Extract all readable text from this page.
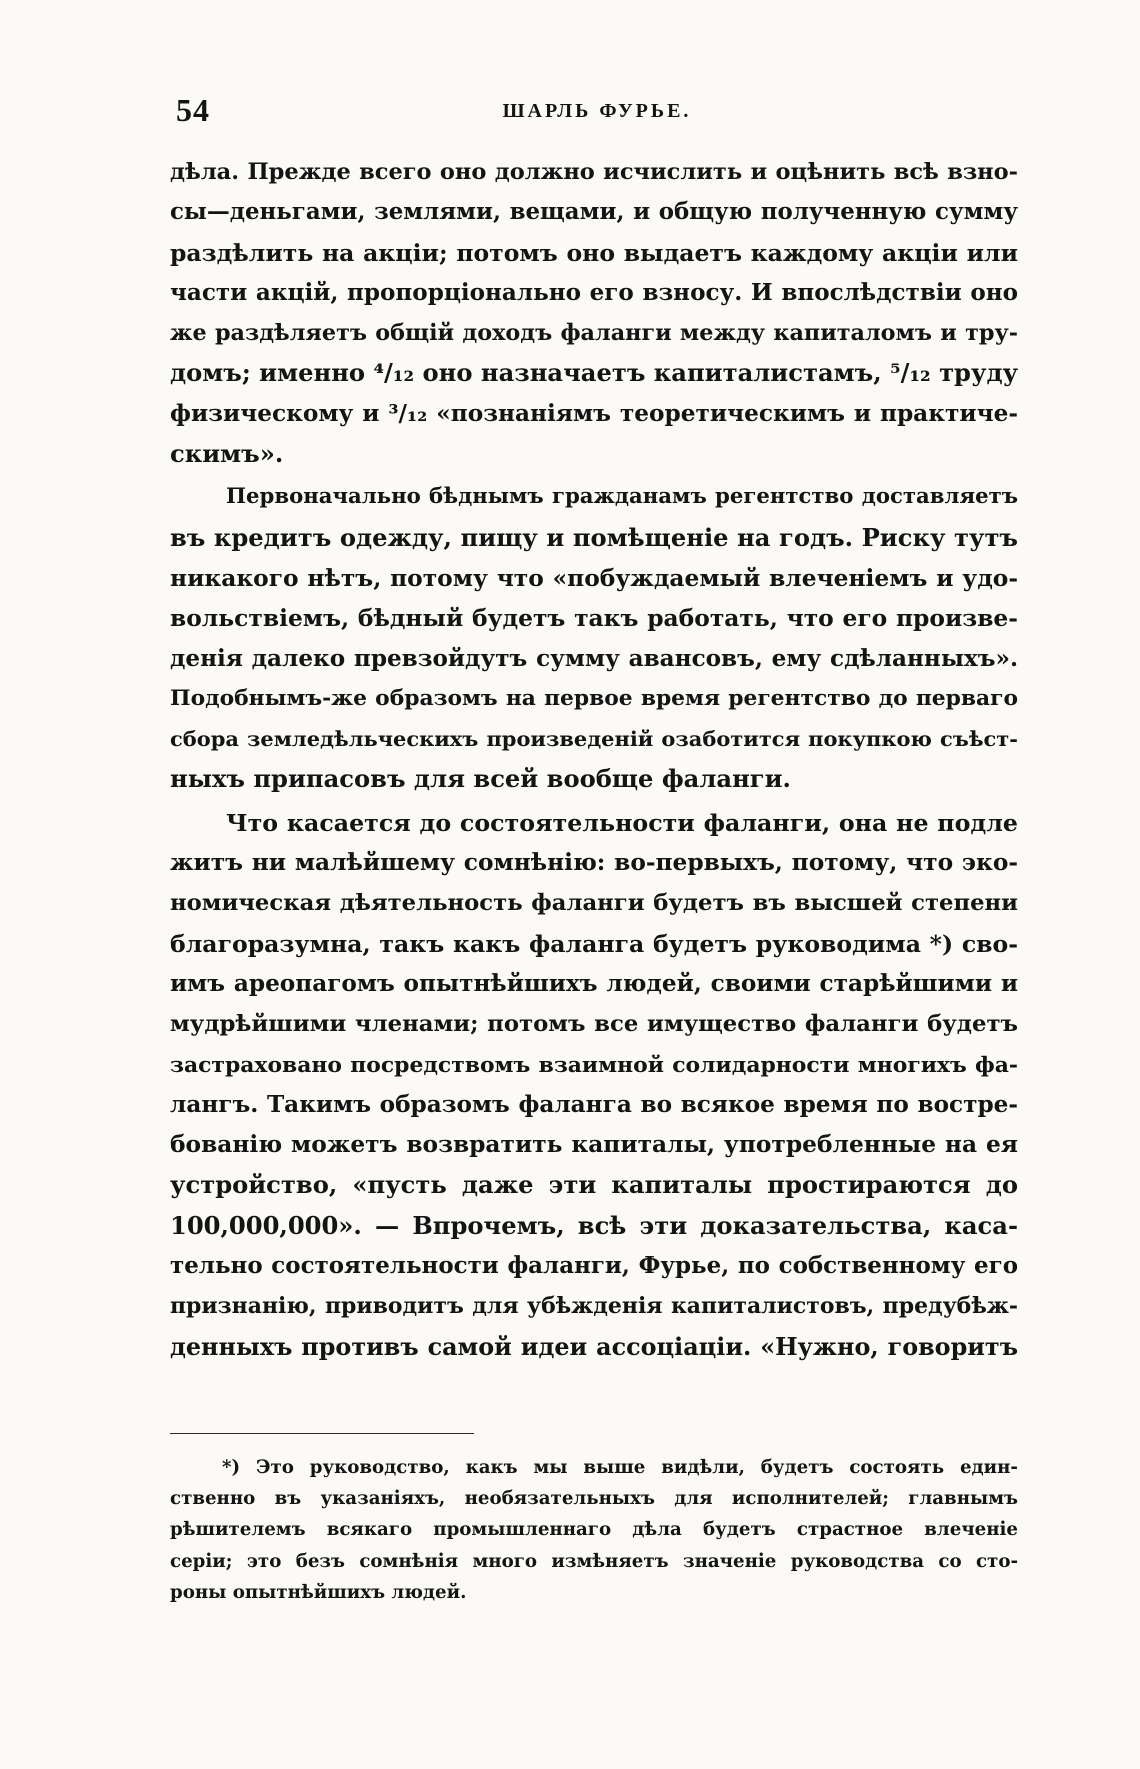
54	ШАРЛЬ ФУРЬЕ.

дѣла. Прежде всего оно должно исчислить и оцѣнить всѣ взно-
сы—деньгами, землями, вещами, и общую полученную сумму
раздѣлить на акціи; потомъ оно выдаетъ каждому акціи или
части акцій, пропорціонально его взносу. И впослѣдствіи оно
же раздѣляетъ общій доходъ фаланги между капиталомъ и тру-
домъ; именно ⁴/₁₂ оно назначаетъ капиталистамъ, ⁵/₁₂ труду
физическому и ³/₁₂ «познаніямъ теоретическимъ и практиче-
скимъ».

Первоначально бѣднымъ гражданамъ регентство доставляетъ
въ кредитъ одежду, пищу и помѣщеніе на годъ. Риску тутъ
никакого нѣтъ, потому что «побуждаемый влеченіемъ и удо-
вольствіемъ, бѣдный будетъ такъ работать, что его произве-
денія далеко превзойдутъ сумму авансовъ, ему сдѣланныхъ».
Подобнымъ-же образомъ на первое время регентство до перваго
сбора земледѣльческихъ произведеній озаботится покупкою съѣст-
ныхъ припасовъ для всей вообще фаланги.

Что касается до состоятельности фаланги, она не подле
житъ ни малѣйшему сомнѣнію: во-первыхъ, потому, что эко-
номическая дѣятельность фаланги будетъ въ высшей степени
благоразумна, такъ какъ фаланга будетъ руководима *) сво-
имъ ареопагомъ опытнѣйшихъ людей, своими старѣйшими и
мудрѣйшими членами; потомъ все имущество фаланги будетъ
застраховано посредствомъ взаимной солидарности многихъ фа-
лангъ. Такимъ образомъ фаланга во всякое время по востре-
бованію можетъ возвратить капиталы, употребленные на ея
устройство, «пусть даже эти капиталы простираются до
100,000,000». — Впрочемъ, всѣ эти доказательства, каса-
тельно состоятельности фаланги, Фурье, по собственному его
признанію, приводитъ для убѣжденія капиталистовъ, предубѣж-
денныхъ противъ самой идеи ассоціаціи. «Нужно, говоритъ

*) Это руководство, какъ мы выше видѣли, будетъ состоять един-
ственно въ указаніяхъ, необязательныхъ для исполнителей; главнымъ
рѣшителемъ всякаго промышленнаго дѣла будетъ страстное влеченіе
серіи; это безъ сомнѣнія много измѣняетъ значеніе руководства со сто-
роны опытнѣйшихъ людей.
